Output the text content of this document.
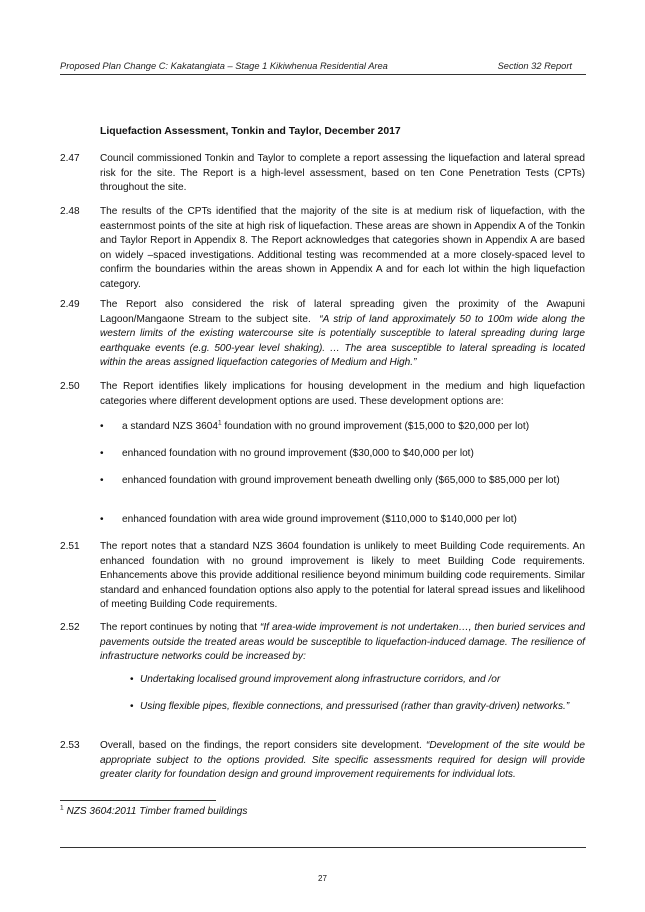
Proposed Plan Change C: Kakatangiata – Stage 1 Kikiwhenua Residential Area	Section 32 Report
Liquefaction Assessment, Tonkin and Taylor, December 2017
2.47 Council commissioned Tonkin and Taylor to complete a report assessing the liquefaction and lateral spread risk for the site. The Report is a high-level assessment, based on ten Cone Penetration Tests (CPTs) throughout the site.
2.48 The results of the CPTs identified that the majority of the site is at medium risk of liquefaction, with the easternmost points of the site at high risk of liquefaction. These areas are shown in Appendix A of the Tonkin and Taylor Report in Appendix 8. The Report acknowledges that categories shown in Appendix A are based on widely –spaced investigations. Additional testing was recommended at a more closely-spaced level to confirm the boundaries within the areas shown in Appendix A and for each lot within the high liquefaction category.
2.49 The Report also considered the risk of lateral spreading given the proximity of the Awapuni Lagoon/Mangaone Stream to the subject site. “A strip of land approximately 50 to 100m wide along the western limits of the existing watercourse site is potentially susceptible to lateral spreading during large earthquake events (e.g. 500-year level shaking). … The area susceptible to lateral spreading is located within the areas assigned liquefaction categories of Medium and High.”
2.50 The Report identifies likely implications for housing development in the medium and high liquefaction categories where different development options are used. These development options are:
• a standard NZS 3604$^1$ foundation with no ground improvement ($15,000 to $20,000 per lot)
• enhanced foundation with no ground improvement ($30,000 to $40,000 per lot)
• enhanced foundation with ground improvement beneath dwelling only ($65,000 to $85,000 per lot)
• enhanced foundation with area wide ground improvement ($110,000 to $140,000 per lot)
2.51 The report notes that a standard NZS 3604 foundation is unlikely to meet Building Code requirements. An enhanced foundation with no ground improvement is likely to meet Building Code requirements. Enhancements above this provide additional resilience beyond minimum building code requirements. Similar standard and enhanced foundation options also apply to the potential for lateral spread issues and likelihood of meeting Building Code requirements.
2.52 The report continues by noting that “If area-wide improvement is not undertaken…, then buried services and pavements outside the treated areas would be susceptible to liquefaction-induced damage. The resilience of infrastructure networks could be increased by:
• Undertaking localised ground improvement along infrastructure corridors, and /or
• Using flexible pipes, flexible connections, and pressurised (rather than gravity-driven) networks.”
2.53 Overall, based on the findings, the report considers site development. “Development of the site would be appropriate subject to the options provided. Site specific assessments required for design will provide greater clarity for foundation design and ground improvement requirements for individual lots.
$^1$ NZS 3604:2011 Timber framed buildings
27
